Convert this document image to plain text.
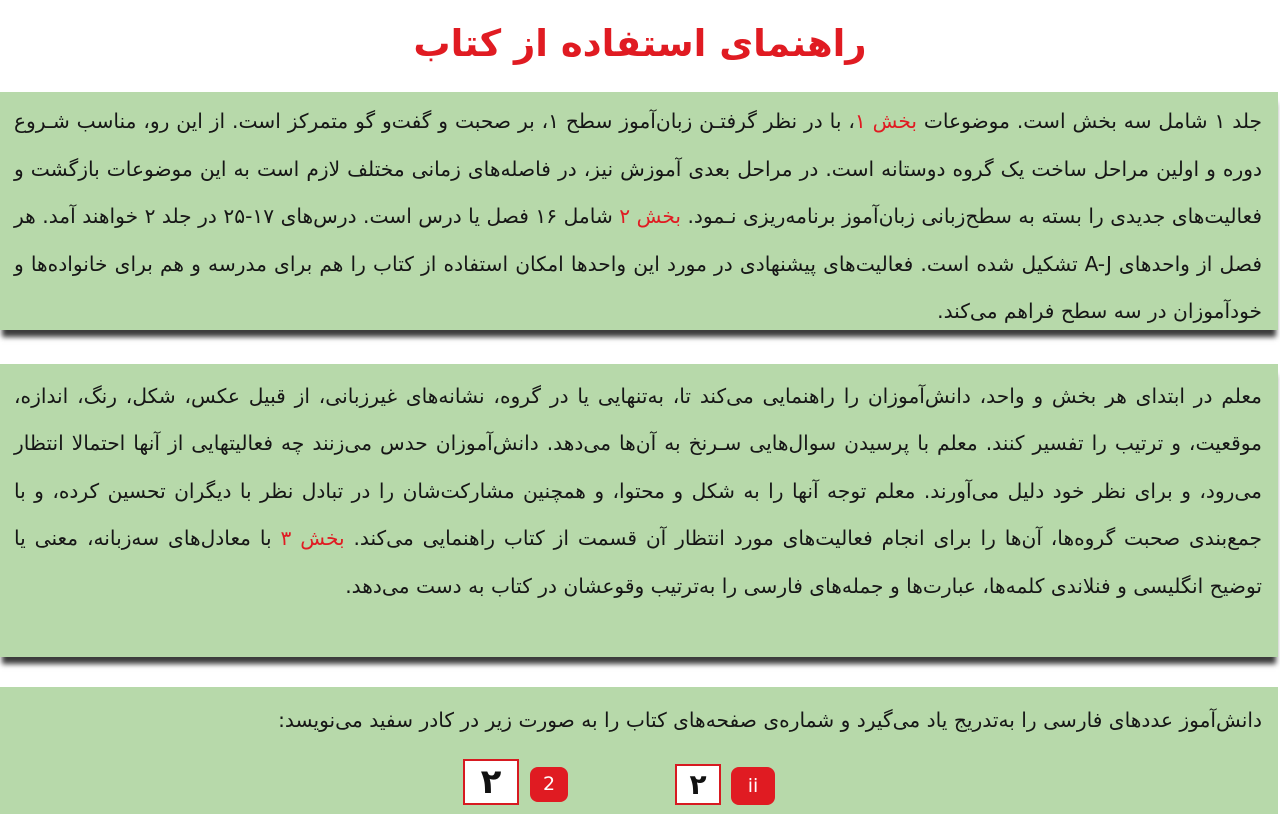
راهنمای استفاده از کتاب

جلد ۱ شامل سه بخش است. موضوعات بخش ۱، با در نظر گرفتـن زبان‌آموز سطح ۱، بر صحبت و گفت‌و گو متمرکز است. از این رو، مناسب شـروع دوره و اولین مراحل ساخت یک گروه دوستانه است. در مراحل بعدی آموزش نیز، در فاصله‌های زمانی مختلف لازم است به این موضوعات بازگشت و فعالیت‌های جدیدی را بسته به سطح‌زبانی زبان‌آموز برنامه‌ریزی نـمود. بخش ۲ شامل ۱۶ فصل یا درس است. درس‌های ۱۷-۲۵ در جلد ۲ خواهند آمد. هر فصل از واحدهای A-J تشکیل شده است. فعالیت‌های پیشنهادی در مورد این واحدها امکان استفاده از کتاب را هم برای مدرسه و هم برای خانواده‌ها و خودآموزان در سه سطح فراهم می‌کند.

معلم در ابتدای هر بخش و واحد، دانش‌آموزان را راهنمایی می‌کند تا، به‌تنهایی یا در گروه، نشانه‌های غیرزبانی، از قبیل عکس، شکل، رنگ، اندازه، موقعیت، و ترتیب را تفسیر کنند. معلم با پرسیدن سوال‌هایی سـرنخ به آن‌ها می‌دهد. دانش‌آموزان حدس می‌زنند چه فعالیتهایی از آنها احتمالا انتظار می‌رود، و برای نظر خود دلیل می‌آورند. معلم توجه آنها را به شکل و محتوا، و همچنین مشارکت‌شان را در تبادل نظر با دیگران تحسین کرده، و با جمع‌بندی صحبت گروه‌ها، آن‌ها را برای انجام فعالیت‌های مورد انتظار آن قسمت از کتاب راهنمایی می‌کند. بخش ۳ با معادل‌های سه‌زبانه، معنی یا توضیح انگلیسی و فنلاندی کلمه‌ها، عبارت‌ها و جمله‌های فارسی را به‌ترتیب وقوعشان در کتاب به دست می‌دهد.

دانش‌آموز عددهای فارسی را به‌تدریج یاد می‌گیرد و شماره‌ی صفحه‌های کتاب را به صورت زیر در کادر سفید می‌نویسد:

۲	2	۲	ii
